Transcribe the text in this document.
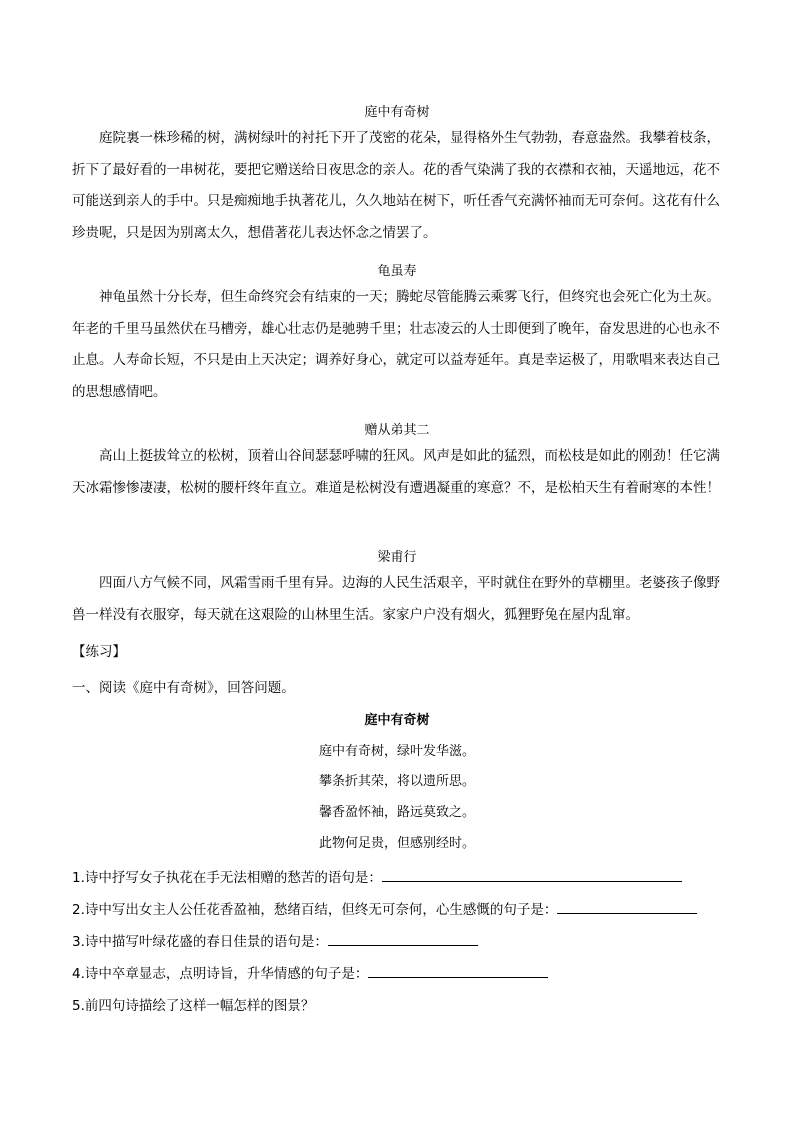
庭中有奇树

庭院裏一株珍稀的树，满树绿叶的衬托下开了茂密的花朵，显得格外生气勃勃，春意盎然。我攀着枝条，折下了最好看的一串树花，要把它赠送给日夜思念的亲人。花的香气染满了我的衣襟和衣袖，天遥地远，花不可能送到亲人的手中。只是痴痴地手执著花儿，久久地站在树下，听任香气充满怀袖而无可奈何。这花有什么珍贵呢，只是因为别离太久，想借著花儿表达怀念之情罢了。

龟虽寿

神龟虽然十分长寿，但生命终究会有结束的一天；腾蛇尽管能腾云乘雾飞行，但终究也会死亡化为土灰。年老的千里马虽然伏在马槽旁，雄心壮志仍是驰骋千里；壮志凌云的人士即便到了晚年，奋发思进的心也永不止息。人寿命长短，不只是由上天决定；调养好身心，就定可以益寿延年。真是幸运极了，用歌唱来表达自己的思想感情吧。

赠从弟其二

高山上挺拔耸立的松树，顶着山谷间瑟瑟呼啸的狂风。风声是如此的猛烈，而松枝是如此的刚劲！任它满天冰霜惨惨凄凄，松树的腰杆终年直立。难道是松树没有遭遇凝重的寒意？不，是松柏天生有着耐寒的本性！

梁甫行

四面八方气候不同，风霜雪雨千里有异。边海的人民生活艰辛，平时就住在野外的草棚里。老婆孩子像野兽一样没有衣服穿，每天就在这艰险的山林里生活。家家户户没有烟火，狐狸野兔在屋内乱窜。

【练习】
一、阅读《庭中有奇树》，回答问题。
庭中有奇树
庭中有奇树，绿叶发华滋。
攀条折其荣，将以遗所思。
馨香盈怀袖，路远莫致之。
此物何足贵，但感别经时。
1.诗中抒写女子执花在手无法相赠的愁苦的语句是：
2.诗中写出女主人公任花香盈袖，愁绪百结，但终无可奈何，心生感慨的句子是：
3.诗中描写叶绿花盛的春日佳景的语句是：
4.诗中卒章显志，点明诗旨，升华情感的句子是：
5.前四句诗描绘了这样一幅怎样的图景？
